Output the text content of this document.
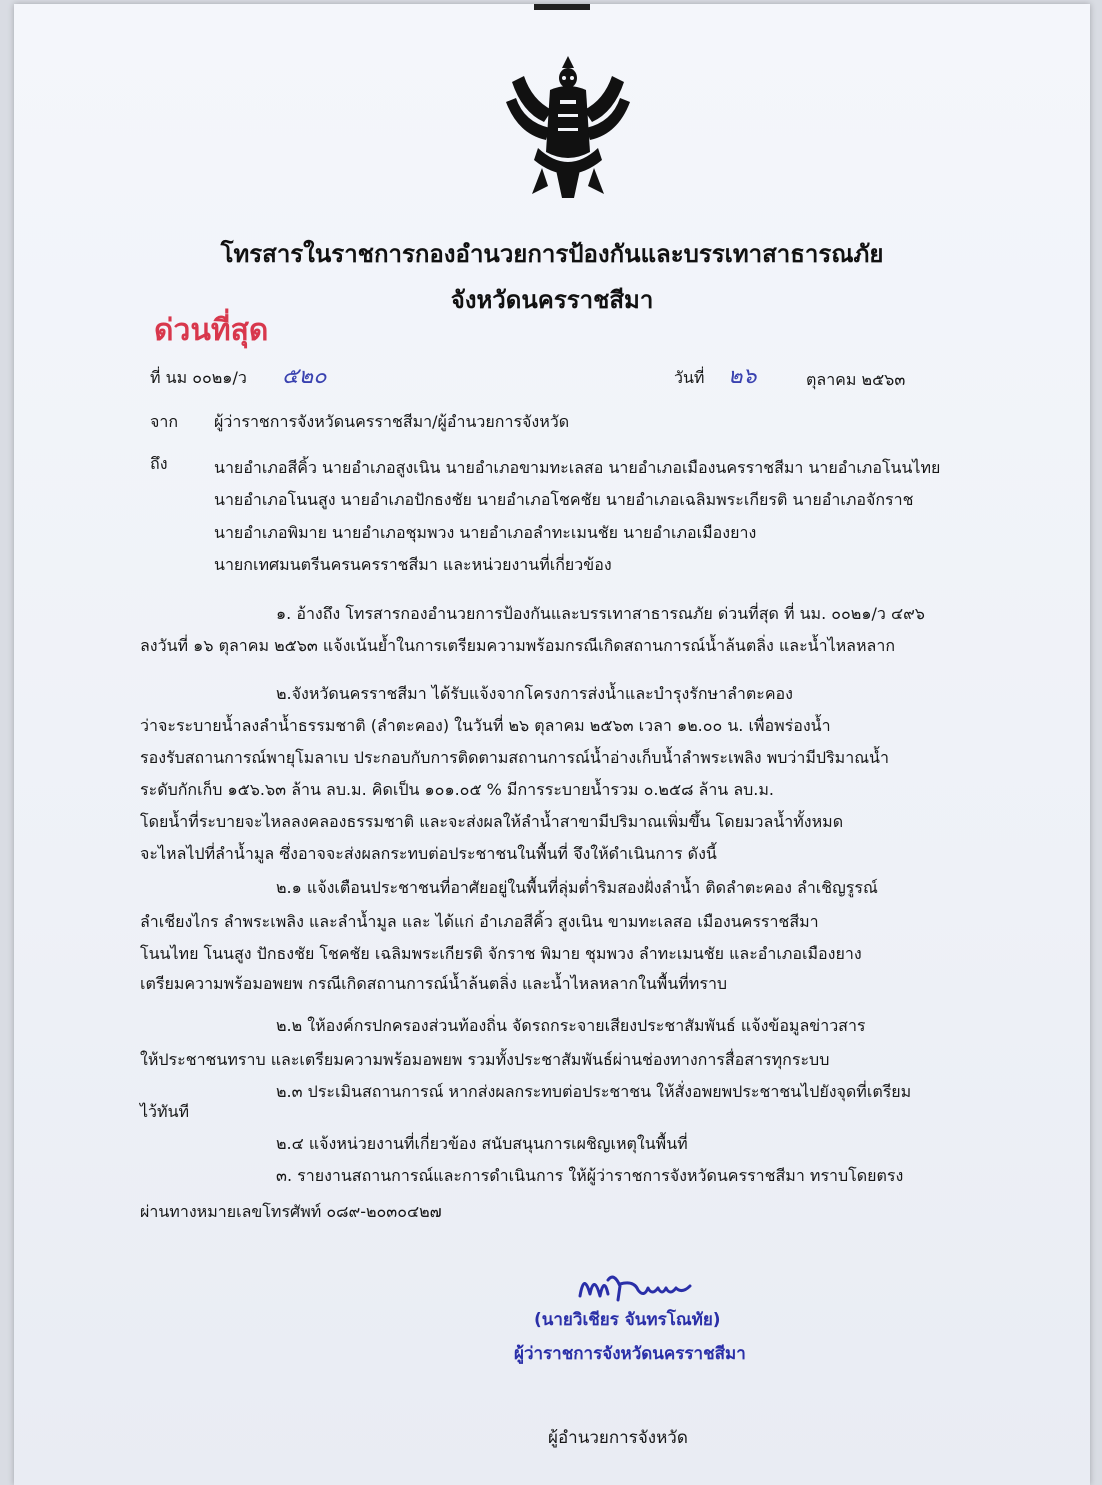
โทรสารในราชการกองอำนวยการป้องกันและบรรเทาสาธารณภัย
จังหวัดนครราชสีมา
ด่วนที่สุด
ที่ นม ๐๐๒๑/ว ๕๒๐	วันที่ ๒๖	ตุลาคม ๒๕๖๓
จาก ผู้ว่าราชการจังหวัดนครราชสีมา/ผู้อำนวยการจังหวัด
ถึง	นายอำเภอสีคิ้ว นายอำเภอสูงเนิน นายอำเภอขามทะเลสอ นายอำเภอเมืองนครราชสีมา นายอำเภอโนนไทย
นายอำเภอโนนสูง นายอำเภอปักธงชัย นายอำเภอโชคชัย นายอำเภอเฉลิมพระเกียรติ นายอำเภอจักราช
นายอำเภอพิมาย นายอำเภอชุมพวง นายอำเภอลำทะเมนชัย นายอำเภอเมืองยาง
นายกเทศมนตรีนครนครราชสีมา และหน่วยงานที่เกี่ยวข้อง
๑. อ้างถึง โทรสารกองอำนวยการป้องกันและบรรเทาสาธารณภัย ด่วนที่สุด ที่ นม. ๐๐๒๑/ว ๔๙๖
ลงวันที่ ๑๖ ตุลาคม ๒๕๖๓ แจ้งเน้นย้ำในการเตรียมความพร้อมกรณีเกิดสถานการณ์น้ำล้นตลิ่ง และน้ำไหลหลาก
๒.จังหวัดนครราชสีมา ได้รับแจ้งจากโครงการส่งน้ำและบำรุงรักษาลำตะคอง
ว่าจะระบายน้ำลงลำน้ำธรรมชาติ (ลำตะคอง) ในวันที่ ๒๖ ตุลาคม ๒๕๖๓ เวลา ๑๒.๐๐ น. เพื่อพร่องน้ำ
รองรับสถานการณ์พายุโมลาเบ ประกอบกับการติดตามสถานการณ์น้ำอ่างเก็บน้ำลำพระเพลิง พบว่ามีปริมาณน้ำ
ระดับกักเก็บ ๑๕๖.๖๓ ล้าน ลบ.ม. คิดเป็น ๑๐๑.๐๕ % มีการระบายน้ำรวม ๐.๒๕๘ ล้าน ลบ.ม.
โดยน้ำที่ระบายจะไหลลงคลองธรรมชาติ และจะส่งผลให้ลำน้ำสาขามีปริมาณเพิ่มขึ้น โดยมวลน้ำทั้งหมด
จะไหลไปที่ลำน้ำมูล ซึ่งอาจจะส่งผลกระทบต่อประชาชนในพื้นที่ จึงให้ดำเนินการ ดังนี้
๒.๑ แจ้งเตือนประชาชนที่อาศัยอยู่ในพื้นที่ลุ่มต่ำริมสองฝั่งลำน้ำ ติดลำตะคอง ลำเชิญรูรณ์
ลำเชียงไกร ลำพระเพลิง และลำน้ำมูล และ ได้แก่ อำเภอสีคิ้ว สูงเนิน ขามทะเลสอ เมืองนครราชสีมา
โนนไทย โนนสูง ปักธงชัย โชคชัย เฉลิมพระเกียรติ จักราช พิมาย ชุมพวง ลำทะเมนชัย และอำเภอเมืองยาง
เตรียมความพร้อมอพยพ กรณีเกิดสถานการณ์น้ำล้นตลิ่ง และน้ำไหลหลากในพื้นที่ทราบ
๒.๒ ให้องค์กรปกครองส่วนท้องถิ่น จัดรถกระจายเสียงประชาสัมพันธ์ แจ้งข้อมูลข่าวสาร
ให้ประชาชนทราบ และเตรียมความพร้อมอพยพ รวมทั้งประชาสัมพันธ์ผ่านช่องทางการสื่อสารทุกระบบ
๒.๓ ประเมินสถานการณ์ หากส่งผลกระทบต่อประชาชน ให้สั่งอพยพประชาชนไปยังจุดที่เตรียม
ไว้ทันที
๒.๔ แจ้งหน่วยงานที่เกี่ยวข้อง สนับสนุนการเผชิญเหตุในพื้นที่
๓. รายงานสถานการณ์และการดำเนินการ ให้ผู้ว่าราชการจังหวัดนครราชสีมา ทราบโดยตรง
ผ่านทางหมายเลขโทรศัพท์ ๐๘๙-๒๐๓๐๔๒๗
(นายวิเชียร จันทรโณทัย)
ผู้ว่าราชการจังหวัดนครราชสีมา
ผู้อำนวยการจังหวัด
